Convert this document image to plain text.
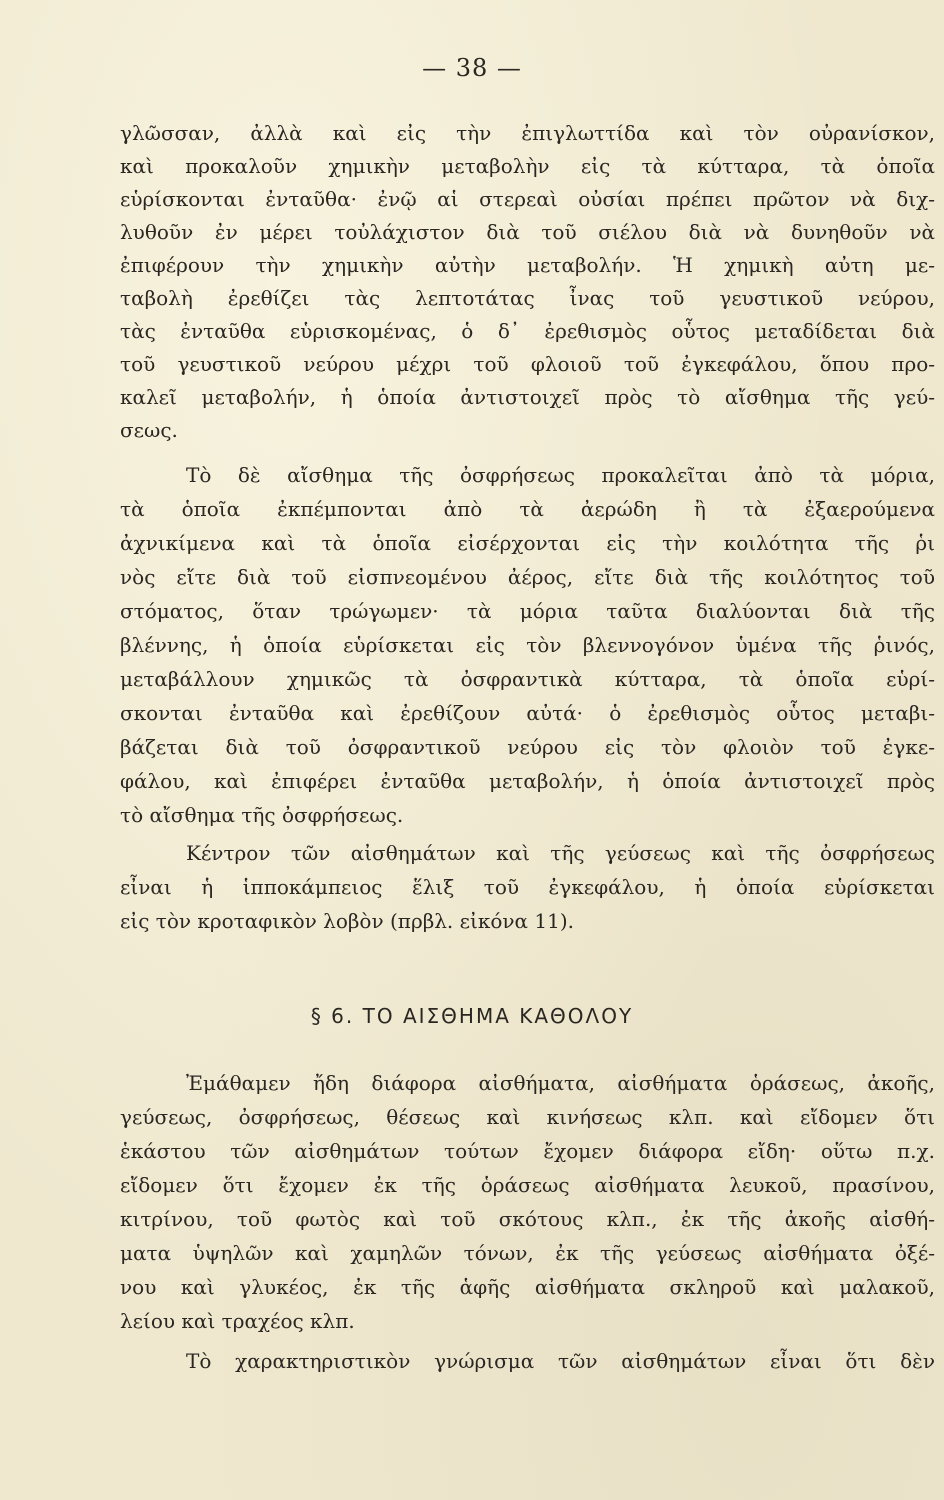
— 38 —
γλῶσσαν, ἀλλὰ καὶ εἰς τὴν ἐπιγλωττίδα καὶ τὸν οὐρανίσκον,
καὶ προκαλοῦν χημικὴν μεταβολὴν εἰς τὰ κύτταρα, τὰ ὁποῖα
εὑρίσκονται ἐνταῦθα· ἐνῷ αἱ στερεαὶ οὐσίαι πρέπει πρῶτον νὰ διχ-
λυθοῦν ἐν μέρει τοὐλάχιστον διὰ τοῦ σιέλου διὰ νὰ δυνηθοῦν νὰ
ἐπιφέρουν τὴν χημικὴν αὐτὴν μεταβολήν. Ἡ χημικὴ αὐτη με-
ταβολὴ ἐρεθίζει τὰς λεπτοτάτας ἶνας τοῦ γευστικοῦ νεύρου,
τὰς ἐνταῦθα εὑρισκομένας, ὁ δ᾽ ἐρεθισμὸς οὗτος μεταδίδεται διὰ
τοῦ γευστικοῦ νεύρου μέχρι τοῦ φλοιοῦ τοῦ ἐγκεφάλου, ὅπου προ-
καλεῖ μεταβολήν, ἡ ὁποία ἀντιστοιχεῖ πρὸς τὸ αἴσθημα τῆς γεύ-
σεως.
Τὸ δὲ αἴσθημα τῆς ὀσφρήσεως προκαλεῖται ἀπὸ τὰ μόρια,
τὰ ὁποῖα ἐκπέμπονται ἀπὸ τὰ ἀερώδη ἢ τὰ ἐξαερούμενα
ἀχνικίμενα καὶ τὰ ὁποῖα εἰσέρχονται εἰς τὴν κοιλότητα τῆς ῥι
νὸς εἴτε διὰ τοῦ εἰσπνεομένου ἀέρος, εἴτε διὰ τῆς κοιλότητος τοῦ
στόματος, ὅταν τρώγωμεν· τὰ μόρια ταῦτα διαλύονται διὰ τῆς
βλέννης, ἡ ὁποία εὑρίσκεται εἰς τὸν βλεννογόνον ὑμένα τῆς ῥινός,
μεταβάλλουν χημικῶς τὰ ὀσφραντικὰ κύτταρα, τὰ ὁποῖα εὑρί-
σκονται ἐνταῦθα καὶ ἐρεθίζουν αὐτά· ὁ ἐρεθισμὸς οὗτος μεταβι-
βάζεται διὰ τοῦ ὀσφραντικοῦ νεύρου εἰς τὸν φλοιὸν τοῦ ἐγκε-
φάλου, καὶ ἐπιφέρει ἐνταῦθα μεταβολήν, ἡ ὁποία ἀντιστοιχεῖ πρὸς
τὸ αἴσθημα τῆς ὀσφρήσεως.
Κέντρον τῶν αἰσθημάτων καὶ τῆς γεύσεως καὶ τῆς ὀσφρήσεως
εἶναι ἡ ἱπποκάμπειος ἕλιξ τοῦ ἐγκεφάλου, ἡ ὁποία εὑρίσκεται
εἰς τὸν κροταφικὸν λοβὸν (πρβλ. εἰκόνα 11).
§ 6. ΤΟ ΑΙΣΘΗΜΑ ΚΑΘΟΛΟΥ
Ἐμάθαμεν ἤδη διάφορα αἰσθήματα, αἰσθήματα ὁράσεως, ἀκοῆς,
γεύσεως, ὀσφρήσεως, θέσεως καὶ κινήσεως κλπ. καὶ εἴδομεν ὅτι
ἑκάστου τῶν αἰσθημάτων τούτων ἔχομεν διάφορα εἴδη· οὕτω π.χ.
εἴδομεν ὅτι ἔχομεν ἐκ τῆς ὁράσεως αἰσθήματα λευκοῦ, πρασίνου,
κιτρίνου, τοῦ φωτὸς καὶ τοῦ σκότους κλπ., ἐκ τῆς ἀκοῆς αἰσθή-
ματα ὑψηλῶν καὶ χαμηλῶν τόνων, ἐκ τῆς γεύσεως αἰσθήματα ὀξέ-
νου καὶ γλυκέος, ἐκ τῆς ἁφῆς αἰσθήματα σκληροῦ καὶ μαλακοῦ,
λείου καὶ τραχέος κλπ.
Τὸ χαρακτηριστικὸν γνώρισμα τῶν αἰσθημάτων εἶναι ὅτι δὲν
